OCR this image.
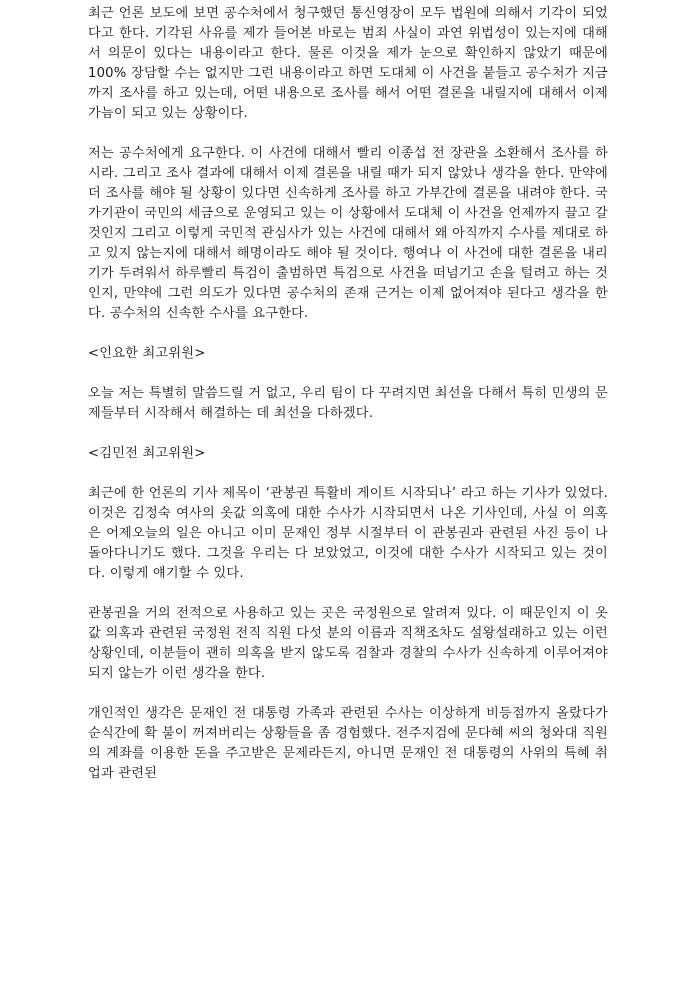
최근 언론 보도에 보면 공수처에서 청구했던 통신영장이 모두 법원에 의해서 기각이 되었다고 한다. 기각된 사유를 제가 들어본 바로는 범죄 사실이 과연 위법성이 있는지에 대해서 의문이 있다는 내용이라고 한다. 물론 이것을 제가 눈으로 확인하지 않았기 때문에 100% 장담할 수는 없지만 그런 내용이라고 하면 도대체 이 사건을 붙들고 공수처가 지금까지 조사를 하고 있는데, 어떤 내용으로 조사를 해서 어떤 결론을 내릴지에 대해서 이제 가늠이 되고 있는 상황이다.

저는 공수처에게 요구한다. 이 사건에 대해서 빨리 이종섭 전 장관을 소환해서 조사를 하시라. 그리고 조사 결과에 대해서 이제 결론을 내릴 때가 되지 않았나 생각을 한다. 만약에 더 조사를 해야 될 상황이 있다면 신속하게 조사를 하고 가부간에 결론을 내려야 한다. 국가기관이 국민의 세금으로 운영되고 있는 이 상황에서 도대체 이 사건을 언제까지 끌고 갈 것인지 그리고 이렇게 국민적 관심사가 있는 사건에 대해서 왜 아직까지 수사를 제대로 하고 있지 않는지에 대해서 해명이라도 해야 될 것이다. 행여나 이 사건에 대한 결론을 내리기가 두려워서 하루빨리 특검이 출범하면 특검으로 사건을 떠넘기고 손을 털려고 하는 것인지, 만약에 그런 의도가 있다면 공수처의 존재 근거는 이제 없어져야 된다고 생각을 한다. 공수처의 신속한 수사를 요구한다.

<인요한 최고위원>

오늘 저는 특별히 말씀드릴 거 없고, 우리 팀이 다 꾸려지면 최선을 다해서 특히 민생의 문제들부터 시작해서 해결하는 데 최선을 다하겠다.

<김민전 최고위원>

최근에 한 언론의 기사 제목이 ‘관봉권 특활비 게이트 시작되나’ 라고 하는 기사가 있었다. 이것은 김정숙 여사의 옷값 의혹에 대한 수사가 시작되면서 나온 기사인데, 사실 이 의혹은 어제오늘의 일은 아니고 이미 문재인 정부 시절부터 이 관봉권과 관련된 사진 등이 나돌아다니기도 했다. 그것을 우리는 다 보았었고, 이것에 대한 수사가 시작되고 있는 것이다. 이렇게 얘기할 수 있다.

관봉권을 거의 전적으로 사용하고 있는 곳은 국정원으로 알려져 있다. 이 때문인지 이 옷값 의혹과 관련된 국정원 전직 직원 다섯 분의 이름과 직책조차도 설왕설래하고 있는 이런 상황인데, 이분들이 괜히 의혹을 받지 않도록 검찰과 경찰의 수사가 신속하게 이루어져야 되지 않는가 이런 생각을 한다.

개인적인 생각은 문재인 전 대통령 가족과 관련된 수사는 이상하게 비등점까지 올랐다가 순식간에 확 불이 꺼져버리는 상황들을 좀 경험했다. 전주지검에 문다혜 씨의 청와대 직원의 계좌를 이용한 돈을 주고받은 문제라든지, 아니면 문재인 전 대통령의 사위의 특혜 취업과 관련된
